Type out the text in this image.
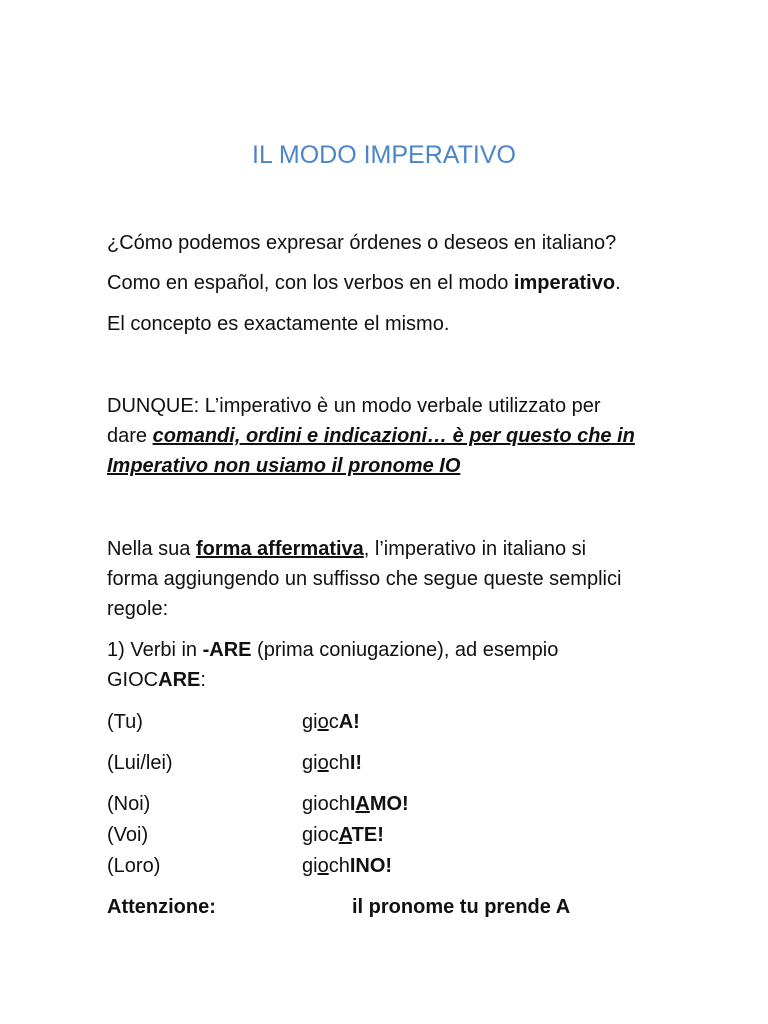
IL MODO IMPERATIVO
¿Cómo podemos expresar órdenes o deseos en italiano?
Como en español, con los verbos en el modo imperativo.
El concepto es exactamente el mismo.
DUNQUE: L’imperativo è un modo verbale utilizzato per
dare comandi, ordini e indicazioni… è per questo che in
Imperativo non usiamo il pronome IO
Nella sua forma affermativa, l’imperativo in italiano si
forma aggiungendo un suffisso che segue queste semplici
regole:
1) Verbi in -ARE (prima coniugazione), ad esempio
GIOCARE:
(Tu)	giocA!
(Lui/lei)	giochI!
(Noi)	giochIAMO!
(Voi)	giocATE!
(Loro)	giochINO!
Attenzione:	il pronome tu prende A
